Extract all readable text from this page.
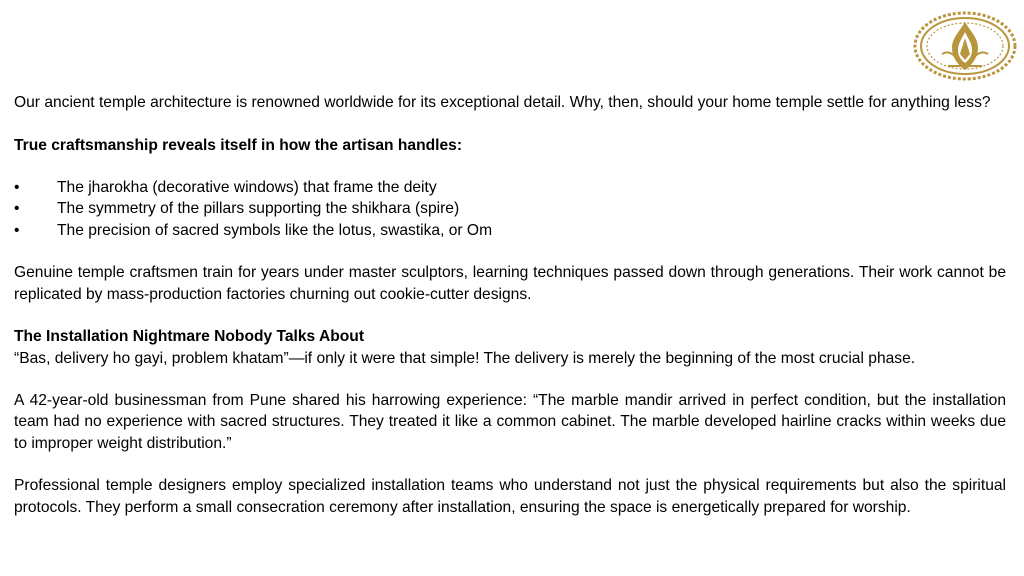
Our ancient temple architecture is renowned worldwide for its exceptional detail. Why, then, should your home temple settle for anything less?

True craftsmanship reveals itself in how the artisan handles:

•	The jharokha (decorative windows) that frame the deity
•	The symmetry of the pillars supporting the shikhara (spire)
•	The precision of sacred symbols like the lotus, swastika, or Om

Genuine temple craftsmen train for years under master sculptors, learning techniques passed down through generations. Their work cannot be replicated by mass-production factories churning out cookie-cutter designs.

The Installation Nightmare Nobody Talks About

“Bas, delivery ho gayi, problem khatam”—if only it were that simple! The delivery is merely the beginning of the most crucial phase.

A 42-year-old businessman from Pune shared his harrowing experience: “The marble mandir arrived in perfect condition, but the installation team had no experience with sacred structures. They treated it like a common cabinet. The marble developed hairline cracks within weeks due to improper weight distribution.”

Professional temple designers employ specialized installation teams who understand not just the physical requirements but also the spiritual protocols. They perform a small consecration ceremony after installation, ensuring the space is energetically prepared for worship.
